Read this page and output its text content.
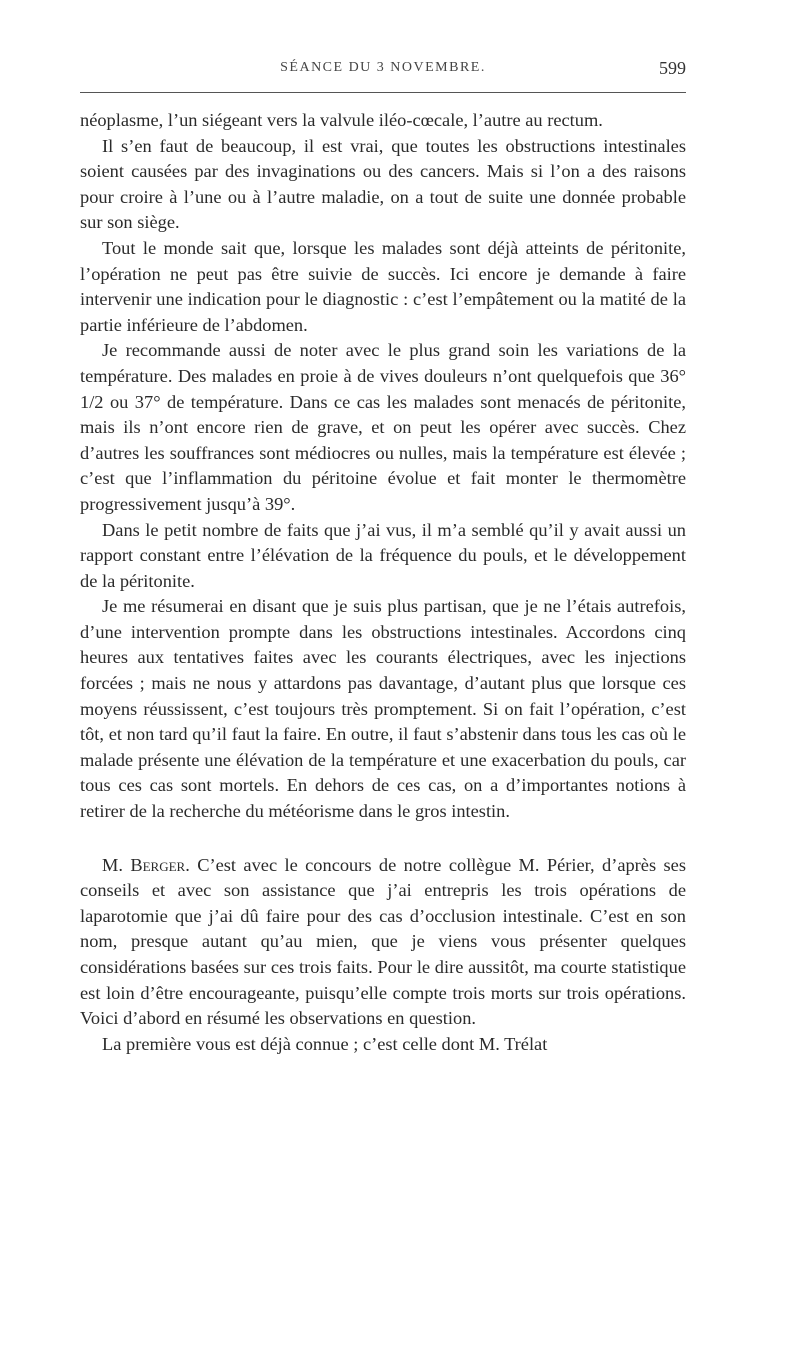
SÉANCE DU 3 NOVEMBRE.	599

néoplasme, l’un siégeant vers la valvule iléo-cœcale, l’autre au rectum.

Il s’en faut de beaucoup, il est vrai, que toutes les obstructions intestinales soient causées par des invaginations ou des cancers. Mais si l’on a des raisons pour croire à l’une ou à l’autre maladie, on a tout de suite une donnée probable sur son siège.

Tout le monde sait que, lorsque les malades sont déjà atteints de péritonite, l’opération ne peut pas être suivie de succès. Ici encore je demande à faire intervenir une indication pour le diagnostic : c’est l’empâtement ou la matité de la partie inférieure de l’abdomen.

Je recommande aussi de noter avec le plus grand soin les variations de la température. Des malades en proie à de vives douleurs n’ont quelquefois que 36° 1/2 ou 37° de température. Dans ce cas les malades sont menacés de péritonite, mais ils n’ont encore rien de grave, et on peut les opérer avec succès. Chez d’autres les souffrances sont médiocres ou nulles, mais la température est élevée ; c’est que l’inflammation du péritoine évolue et fait monter le thermomètre progressivement jusqu’à 39°.

Dans le petit nombre de faits que j’ai vus, il m’a semblé qu’il y avait aussi un rapport constant entre l’élévation de la fréquence du pouls, et le développement de la péritonite.

Je me résumerai en disant que je suis plus partisan, que je ne l’étais autrefois, d’une intervention prompte dans les obstructions intestinales. Accordons cinq heures aux tentatives faites avec les courants électriques, avec les injections forcées ; mais ne nous y attardons pas davantage, d’autant plus que lorsque ces moyens réussissent, c’est toujours très promptement. Si on fait l’opération, c’est tôt, et non tard qu’il faut la faire. En outre, il faut s’abstenir dans tous les cas où le malade présente une élévation de la température et une exacerbation du pouls, car tous ces cas sont mortels. En dehors de ces cas, on a d’importantes notions à retirer de la recherche du météorisme dans le gros intestin.

M. Berger. C’est avec le concours de notre collègue M. Périer, d’après ses conseils et avec son assistance que j’ai entrepris les trois opérations de laparotomie que j’ai dû faire pour des cas d’occlusion intestinale. C’est en son nom, presque autant qu’au mien, que je viens vous présenter quelques considérations basées sur ces trois faits. Pour le dire aussitôt, ma courte statistique est loin d’être encourageante, puisqu’elle compte trois morts sur trois opérations. Voici d’abord en résumé les observations en question.

La première vous est déjà connue ; c’est celle dont M. Trélat
